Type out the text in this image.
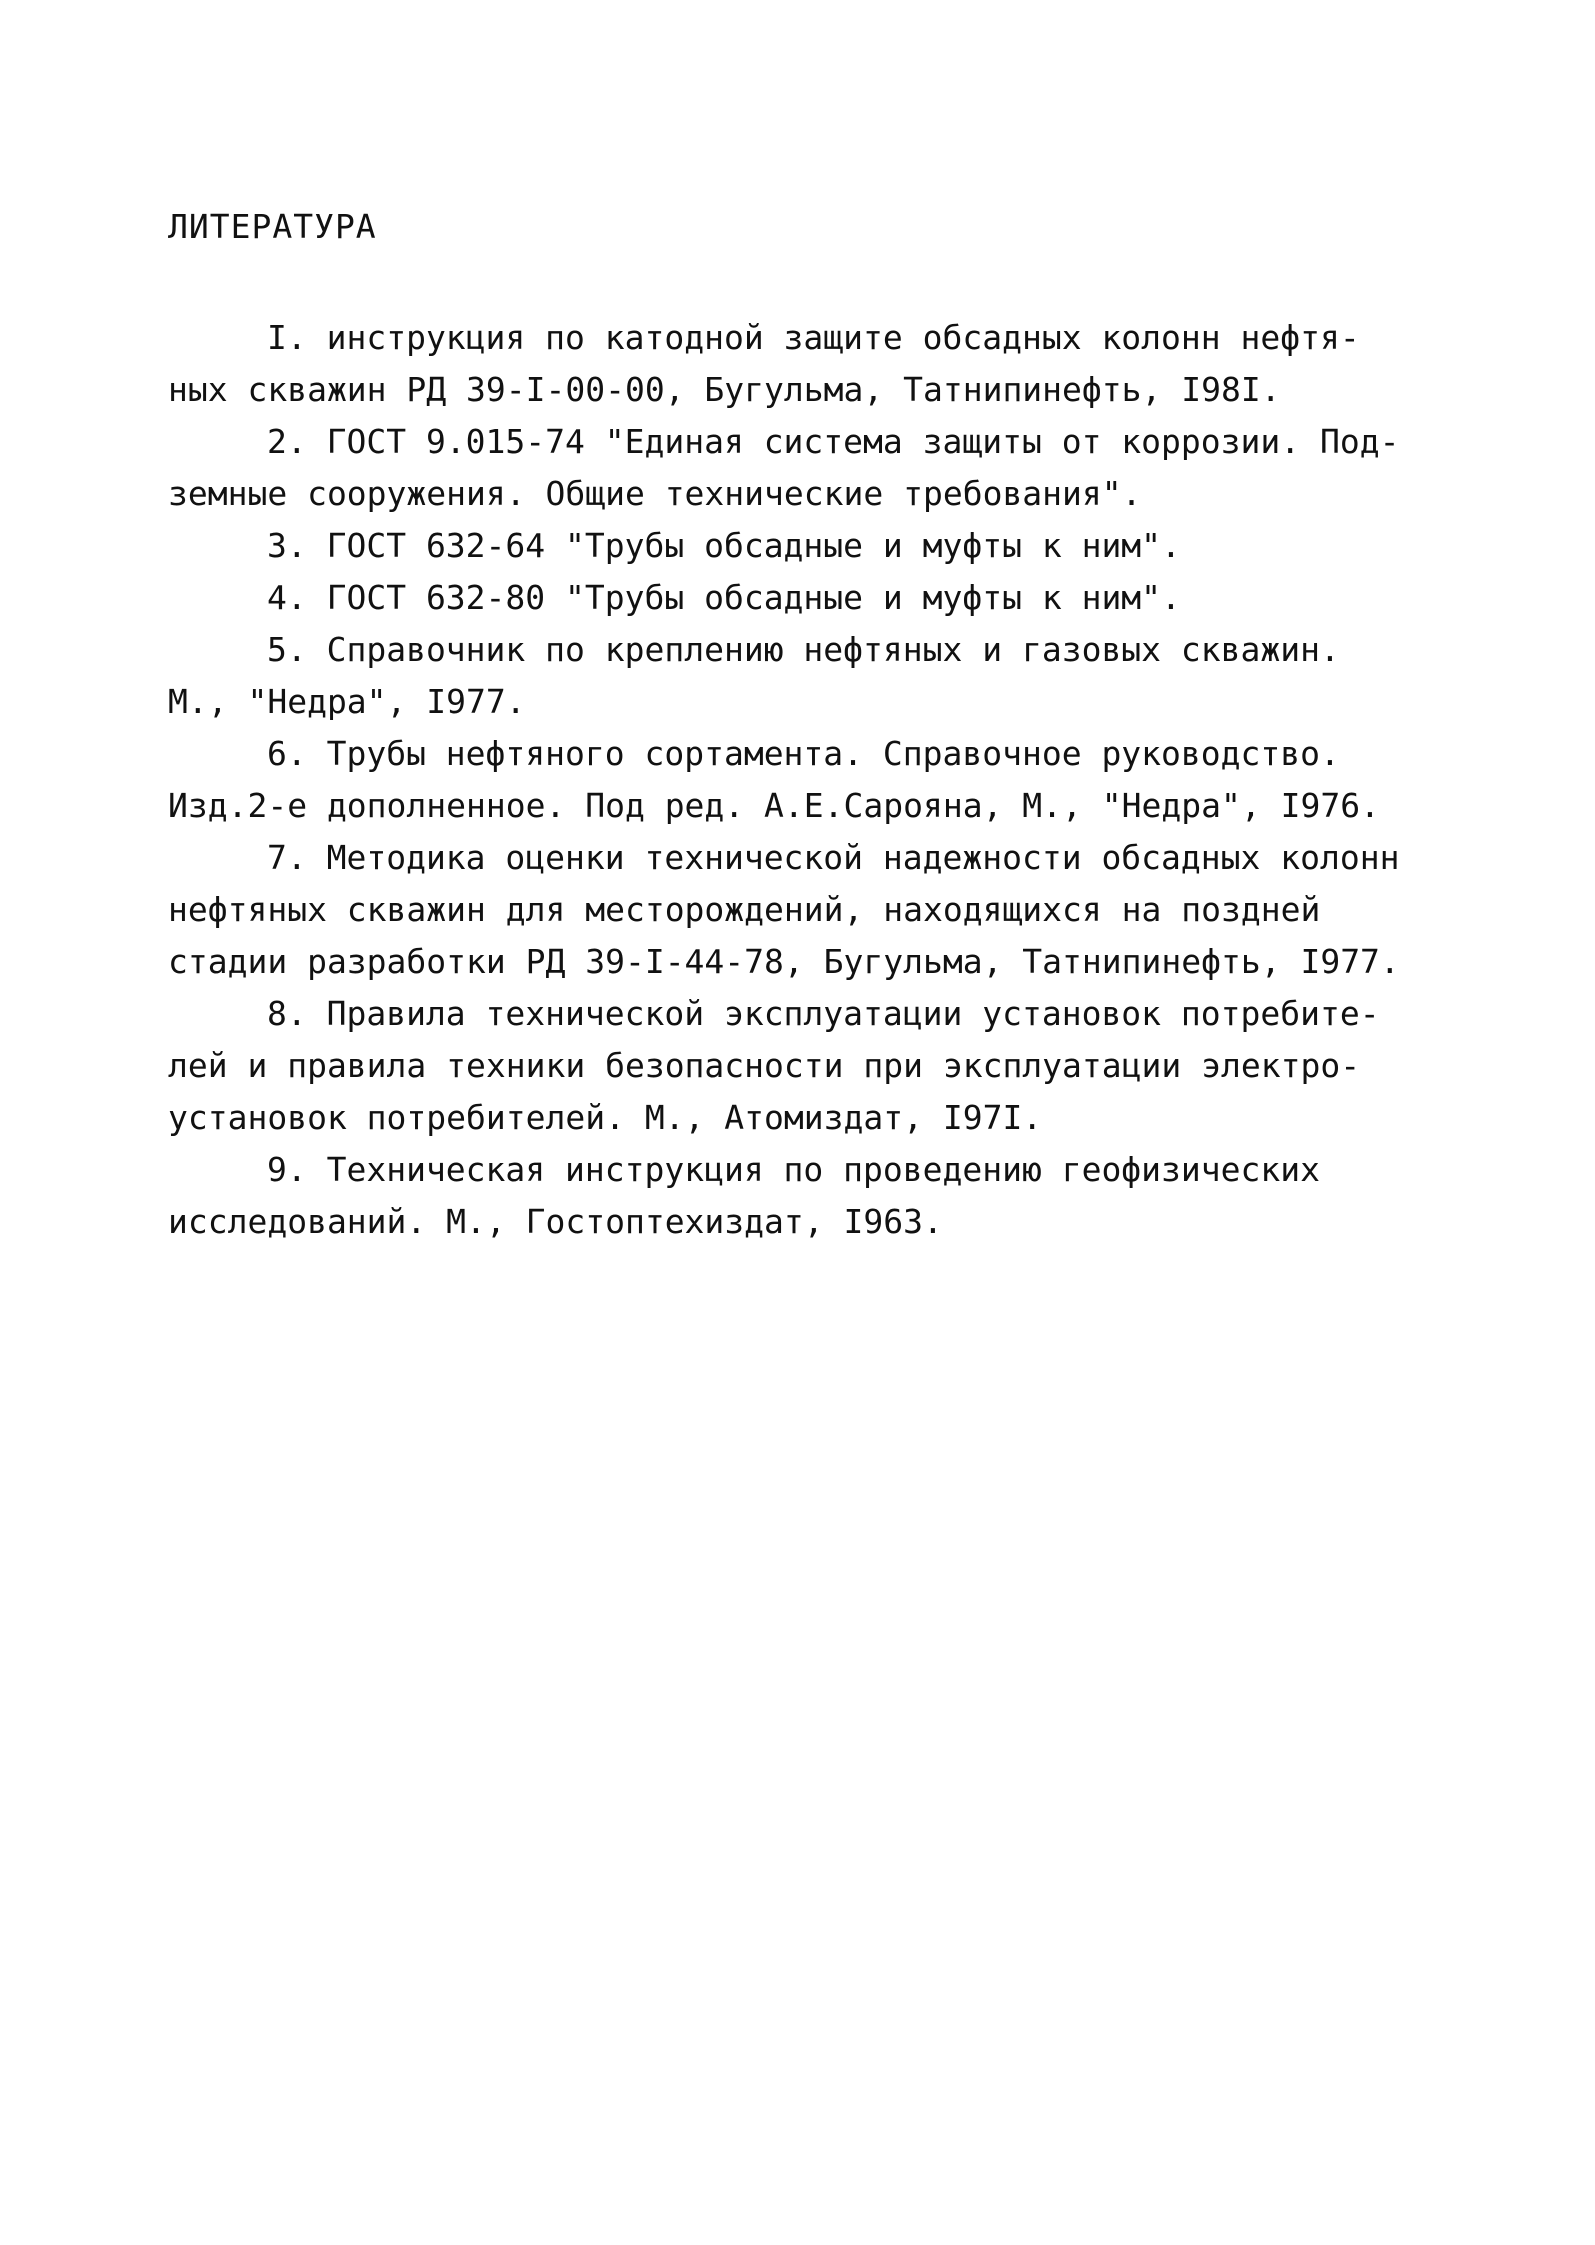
ЛИТЕРАТУРА
I. инструкция по катодной защите обсадных колонн нефтя-
ных скважин РД 39-I-00-00, Бугульма, Татнипинефть, I98I.
2. ГОСТ 9.015-74 "Единая система защиты от коррозии. Под-
земные сооружения. Общие технические требования".
3. ГОСТ 632-64 "Трубы обсадные и муфты к ним".
4. ГОСТ 632-80 "Трубы обсадные и муфты к ним".
5. Справочник по креплению нефтяных и газовых скважин.
М., "Недра", I977.
6. Трубы нефтяного сортамента. Справочное руководство.
Изд.2-е дополненное. Под ред. А.Е.Сароянa, М., "Недра", I976.
7. Методика оценки технической надежности обсадных колонн
нефтяных скважин для месторождений, находящихся на поздней
стадии разработки РД 39-I-44-78, Бугульма, Татнипинефть, I977.
8. Правила технической эксплуатации установок потребите-
лей и правила техники безопасности при эксплуатации электро-
установок потребителей. М., Атомиздат, I97I.
9. Техническая инструкция по проведению геофизических
исследований. М., Гостоптехиздат, I963.
